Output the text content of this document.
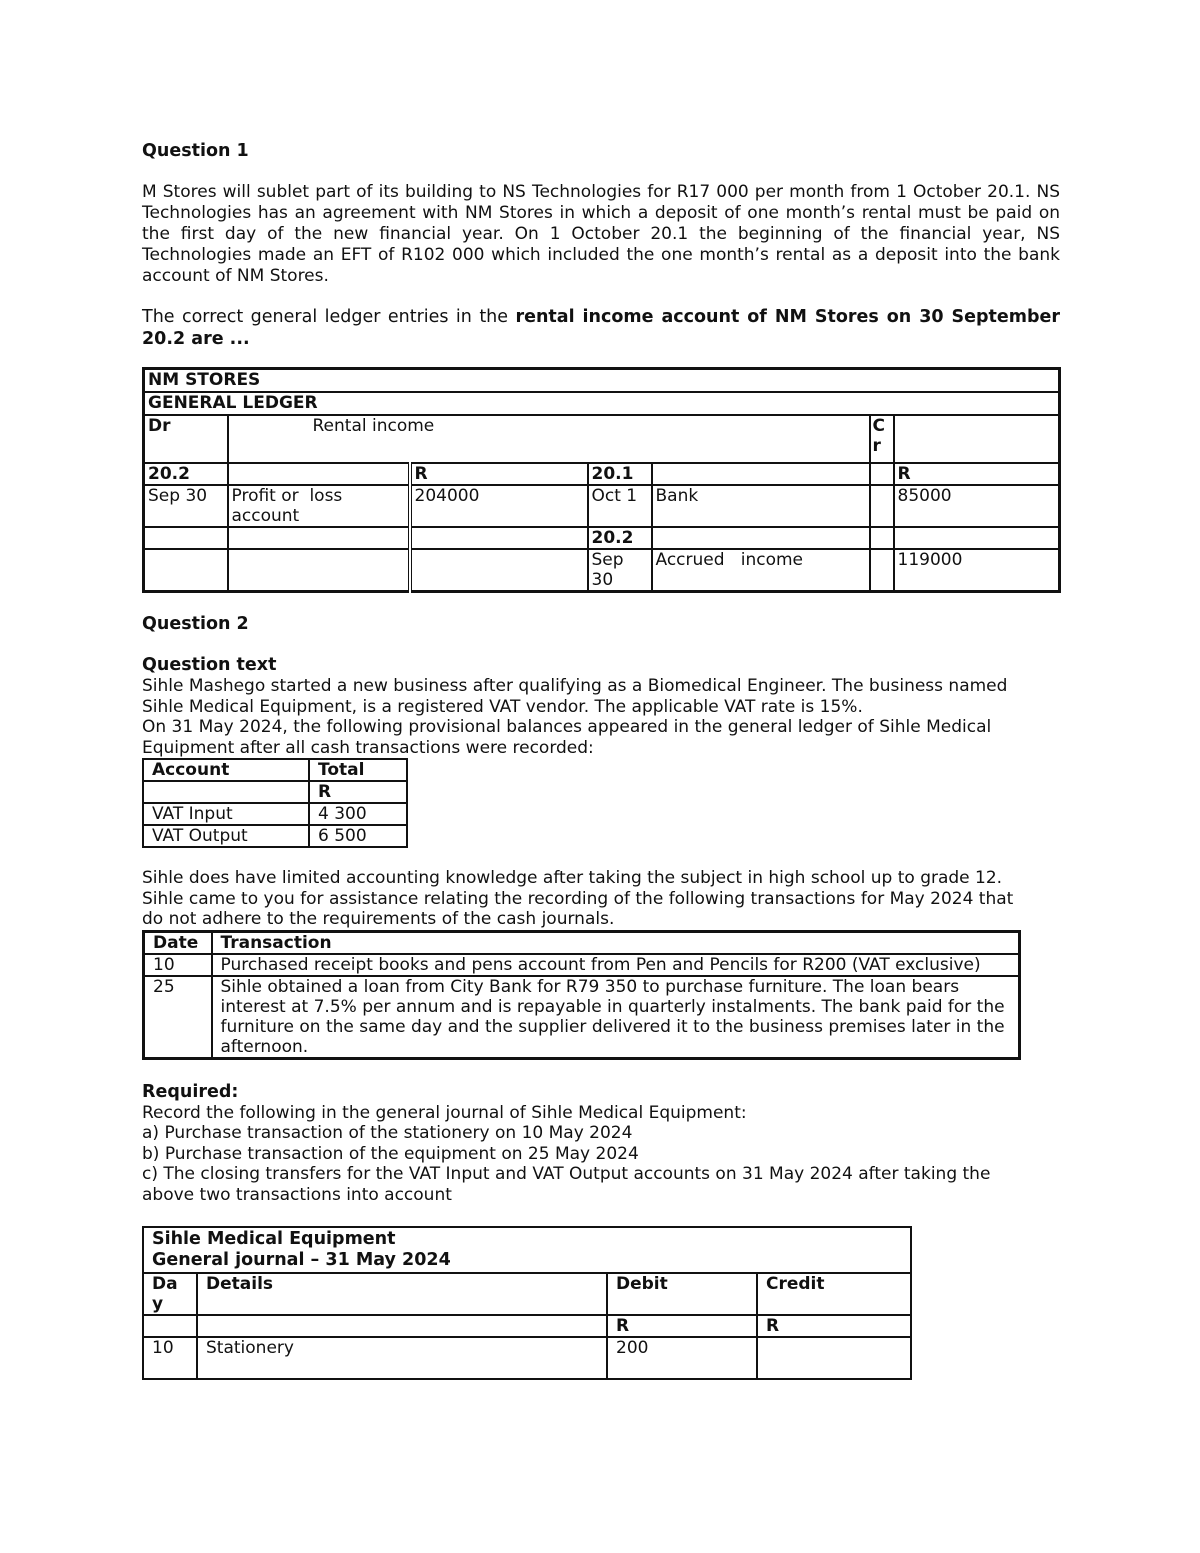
Question 1
M Stores will sublet part of its building to NS Technologies for R17 000 per month from 1 October 20.1. NS Technologies has an agreement with NM Stores in which a deposit of one month’s rental must be paid on the first day of the new financial year. On 1 October 20.1 the beginning of the financial year, NS Technologies made an EFT of R102 000 which included the one month’s rental as a deposit into the bank account of NM Stores.
The correct general ledger entries in the rental income account of NM Stores on 30 September 20.2 are ...
NM STORES						
GENERAL LEDGER						
Dr	Rental income				Cr	
20.2		R	20.1			R
Sep 30	Profit or  loss account	204000	Oct 1	Bank		85000
			20.2			
			Sep 30	Accrued   income		119000
Question 2
Question text
Sihle Mashego started a new business after qualifying as a Biomedical Engineer. The business named
Sihle Medical Equipment, is a registered VAT vendor. The applicable VAT rate is 15%.
On 31 May 2024, the following provisional balances appeared in the general ledger of Sihle Medical
Equipment after all cash transactions were recorded:
Account	Total
	R
VAT Input	4 300
VAT Output	6 500
Sihle does have limited accounting knowledge after taking the subject in high school up to grade 12.
Sihle came to you for assistance relating the recording of the following transactions for May 2024 that
do not adhere to the requirements of the cash journals.
Date	Transaction
10	Purchased receipt books and pens account from Pen and Pencils for R200 (VAT exclusive)
25	Sihle obtained a loan from City Bank for R79 350 to purchase furniture. The loan bears interest at 7.5% per annum and is repayable in quarterly instalments. The bank paid for the furniture on the same day and the supplier delivered it to the business premises later in the afternoon.
Required:
Record the following in the general journal of Sihle Medical Equipment:
a) Purchase transaction of the stationery on 10 May 2024
b) Purchase transaction of the equipment on 25 May 2024
c) The closing transfers for the VAT Input and VAT Output accounts on 31 May 2024 after taking the
above two transactions into account
Sihle Medical Equipment
General journal – 31 May 2024			

Day	Details	Debit	Credit
		R	R
10	Stationery	200	
